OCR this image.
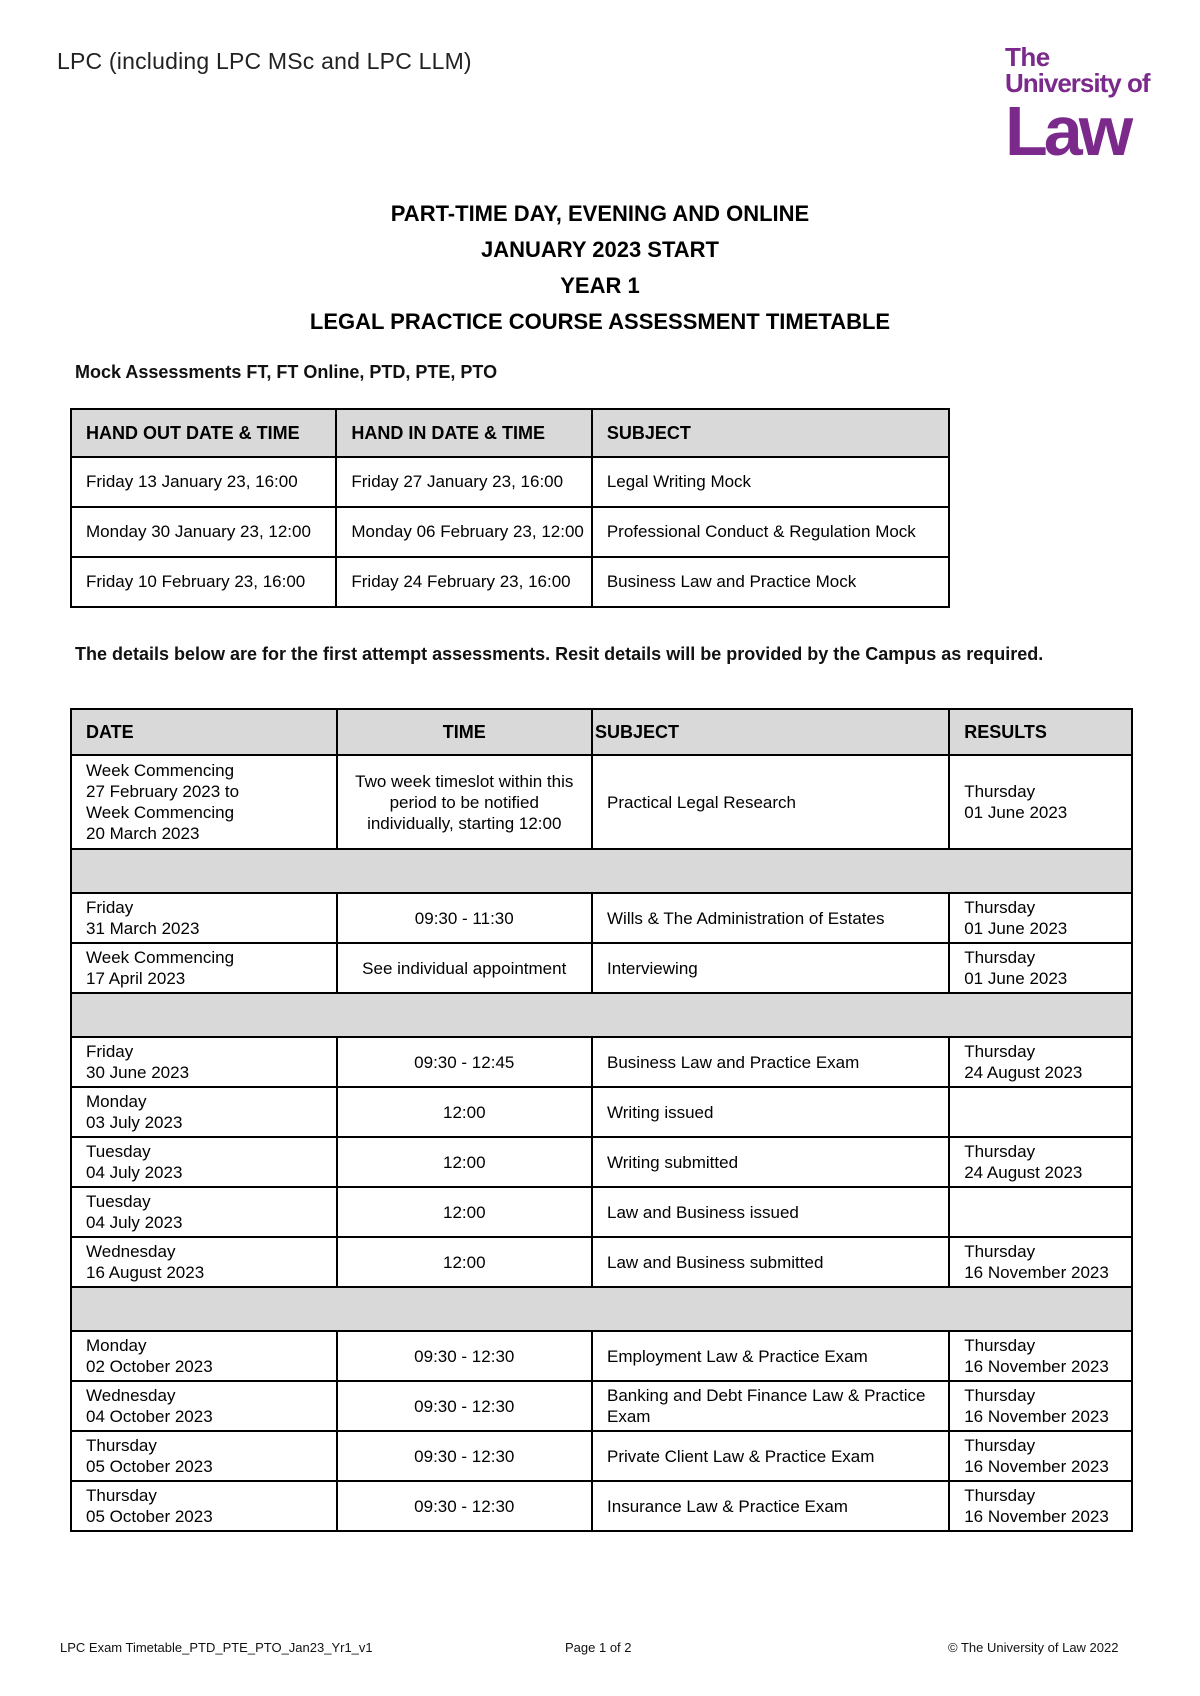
LPC (including LPC MSc and LPC LLM)	The
University of
Law
PART-TIME DAY, EVENING AND ONLINE
JANUARY 2023 START
YEAR 1
LEGAL PRACTICE COURSE ASSESSMENT TIMETABLE
Mock Assessments FT, FT Online, PTD, PTE, PTO
HAND OUT DATE & TIME	HAND IN DATE & TIME	SUBJECT
Friday 13 January 23, 16:00	Friday 27 January 23, 16:00	Legal Writing Mock
Monday 30 January 23, 12:00	Monday 06 February 23, 12:00	Professional Conduct & Regulation Mock
Friday 10 February 23, 16:00	Friday 24 February 23, 16:00	Business Law and Practice Mock
The details below are for the first attempt assessments. Resit details will be provided by the Campus as required.
DATE	TIME	SUBJECT	RESULTS
Week Commencing
27 February 2023 to
Week Commencing
20 March 2023	Two week timeslot within this period to be notified individually, starting 12:00	Practical Legal Research	Thursday
01 June 2023

Friday
31 March 2023	09:30 - 11:30	Wills & The Administration of Estates	Thursday
01 June 2023
Week Commencing
17 April 2023	See individual appointment	Interviewing	Thursday
01 June 2023

Friday
30 June 2023	09:30 - 12:45	Business Law and Practice Exam	Thursday
24 August 2023
Monday
03 July 2023	12:00	Writing issued	
Tuesday
04 July 2023	12:00	Writing submitted	Thursday
24 August 2023
Tuesday
04 July 2023	12:00	Law and Business issued	
Wednesday
16 August 2023	12:00	Law and Business submitted	Thursday
16 November 2023

Monday
02 October 2023	09:30 - 12:30	Employment Law & Practice Exam	Thursday
16 November 2023
Wednesday
04 October 2023	09:30 - 12:30	Banking and Debt Finance Law & Practice Exam	Thursday
16 November 2023
Thursday
05 October 2023	09:30 - 12:30	Private Client Law & Practice Exam	Thursday
16 November 2023
Thursday
05 October 2023	09:30 - 12:30	Insurance Law & Practice Exam	Thursday
16 November 2023
LPC Exam Timetable_PTD_PTE_PTO_Jan23_Yr1_v1	Page 1 of 2	© The University of Law 2022
